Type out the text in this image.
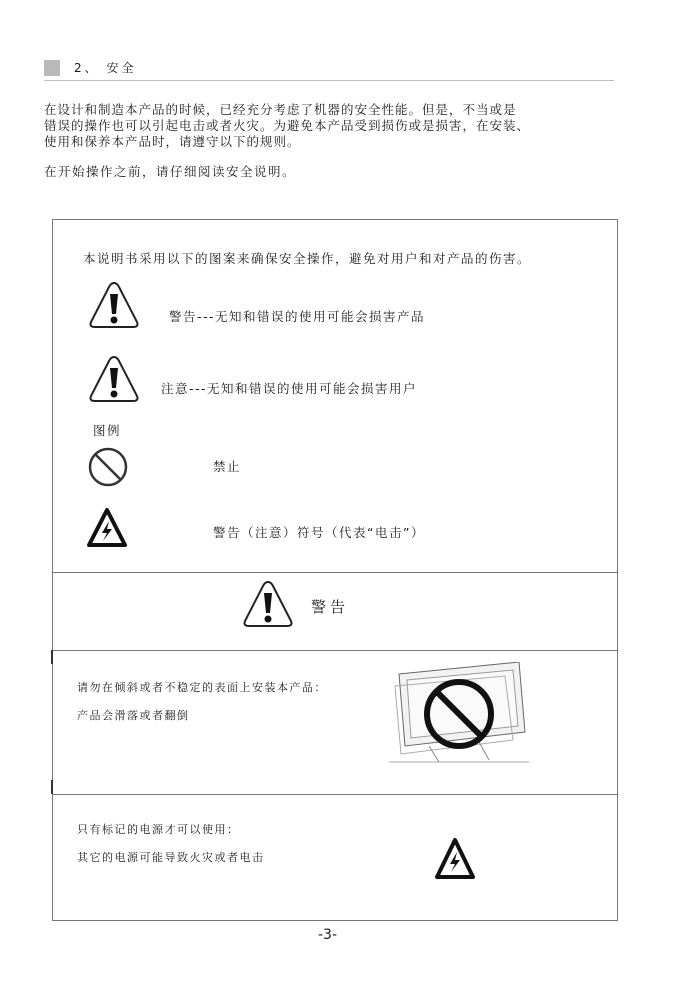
2、 安全

在设计和制造本产品的时候，已经充分考虑了机器的安全性能。但是，不当或是
错误的操作也可以引起电击或者火灾。为避免本产品受到损伤或是损害，在安装、
使用和保养本产品时，请遵守以下的规则。

在开始操作之前，请仔细阅读安全说明。

本说明书采用以下的图案来确保安全操作，避免对用户和对产品的伤害。
警告---无知和错误的使用可能会损害产品
注意---无知和错误的使用可能会损害用户
图例
禁止
警告（注意）符号（代表“电击”）
警告
请勿在倾斜或者不稳定的表面上安装本产品：
产品会滑落或者翻倒
只有标记的电源才可以使用：
其它的电源可能导致火灾或者电击
-3-
